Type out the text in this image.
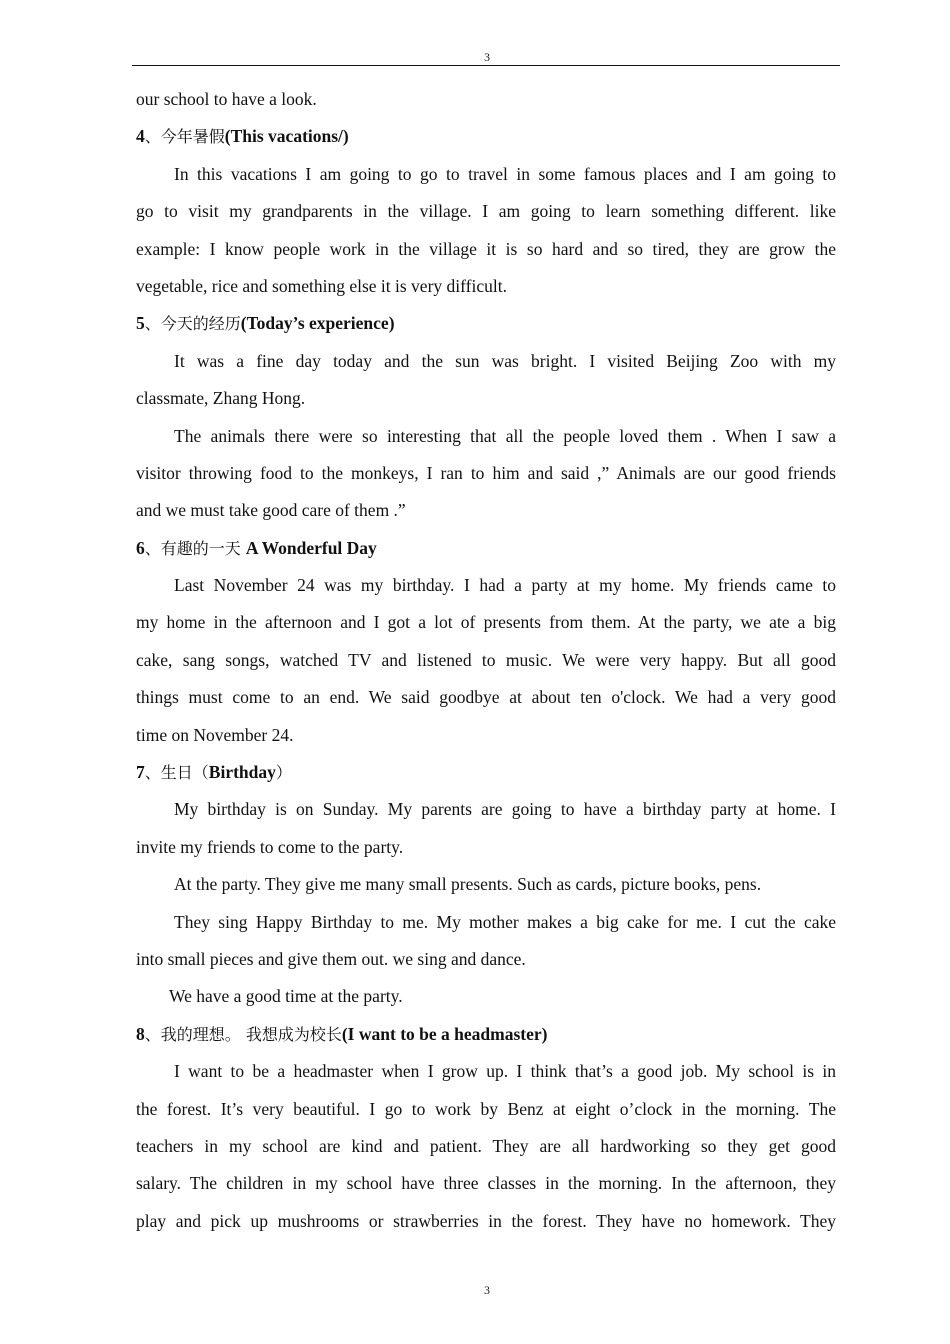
3
our school to have a look.
4、今年暑假(This vacations/)
In this vacations I am going to go to travel in some famous places and I am going to
go to visit my grandparents in the village. I am going to learn something different. like
example: I know people work in the village it is so hard and so tired, they are grow the
vegetable, rice and something else it is very difficult.
5、今天的经历(Today’s experience)
It was a fine day today and the sun was bright. I visited Beijing Zoo with my
classmate, Zhang Hong.
The animals there were so interesting that all the people loved them . When I saw a
visitor throwing food to the monkeys, I ran to him and said ,” Animals are our good friends
and we must take good care of them .”
6、有趣的一天 A Wonderful Day
Last November 24 was my birthday. I had a party at my home. My friends came to
my home in the afternoon and I got a lot of presents from them. At the party, we ate a big
cake, sang songs, watched TV and listened to music. We were very happy. But all good
things must come to an end. We said goodbye at about ten o'clock. We had a very good
time on November 24.
7、生日（Birthday）
My birthday is on Sunday. My parents are going to have a birthday party at home. I
invite my friends to come to the party.
At the party. They give me many small presents. Such as cards, picture books, pens.
They sing Happy Birthday to me. My mother makes a big cake for me. I cut the cake
into small pieces and give them out. we sing and dance.
We have a good time at the party.
8、我的理想。 我想成为校长(I want to be a headmaster)
I want to be a headmaster when I grow up. I think that’s a good job. My school is in
the forest. It’s very beautiful. I go to work by Benz at eight o’clock in the morning. The
teachers in my school are kind and patient. They are all hardworking so they get good
salary. The children in my school have three classes in the morning. In the afternoon, they
play and pick up mushrooms or strawberries in the forest. They have no homework. They
3
